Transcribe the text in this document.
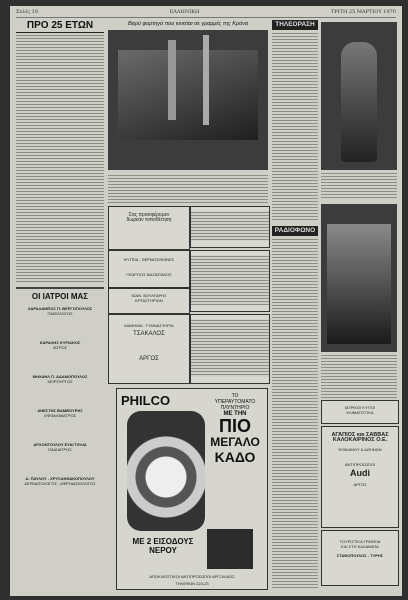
Σελίς 10	ΕΛΛΗΝΙΚΗ	ΤΡΙΤΗ 25 ΜΑΡΤΙΟΥ 1970
ΠΡΟ 25 ΕΤΩΝ
ΟΙ ΙΑΤΡΟΙ ΜΑΣ
ΧΑΡΑΛΑΜΠΟΣ Π. ΒΕΡΓΟΠΟΥΛΟΣ
ΠΑΘΟΛΟΓΟΣ
ΚΑΡΑΛΗΣ ΚΥΡΙΑΚΟΣ
ΙΑΤΡΟΣ
ΜΗΧΑΗΛ Π. ΑΔΑΜΟΠΟΥΛΟΣ
ΧΕΙΡΟΥΡΓΟΣ
ΑΝΕΣΤΗΣ ΒΑΜΒΟΥΡΗΣ
ΟΦΘΑΛΜΙΑΤΡΟΣ
ΑΡΧΟΝΤΟΥΛΟΥ ΕΥΑΓΓΕΛΙΑ
ΠΑΙΔΙΑΤΡΟΣ
Α. ΠΑΥΛΟΥ - ΧΡΥΣΑΝΘΑΚΟΠΟΥΛΟΥ
ΔΕΡΜΑΤΟΛΟΓΟΣ - ΑΦΡΟΔΙΣΙΟΛΟΓΟΣ
Βαρύ φορτηγό που κινείται σε γραμμές της Κρόνα
Σας προσφέρομεν
δωρεάν τοποθέτηση
ΨΥΓΕΙΑ - ΘΕΡΜΟΣΙΦΩΝΕΣ
ΓΕΩΡΓΙΟΣ ΒΑΖΙΩΤΑΚΟΣ
ΙΩΑΝ. ΒΟΥΛΓΑΡΗΣ
ΕΡΓΑΣΤΗΡΙΟΝ
ΜΑΘΗΜΑ - ΓΥΜΝΑΣΤΗΡΙΑ
ΤΣΑΚΑΛΟΣ
ΑΡΓΟΣ
PHILCO	ΤΟ
ΥΠΕΡΑΥΤΟΜΑΤΟ
ΠΛΥΝΤΗΡΙΟ
ΜΕ ΤΗΝ
ΠΙΟ
ΜΕΓΑΛΟ
ΚΑΔΟ
ΜΕ 2 ΕΙΣΟΔΟΥΣ ΝΕΡΟΥ
ΑΠΟΚΛΕΙΣΤΙΚΟΙ ΑΝΤΙΠΡΟΣΩΠΟΙ ΑΡΓΟΛΙΔΟΣ
ΤΗΛΕΦΩΝ 223-23
ΤΗΛΕΟΡΑΣΗ
ΡΑΔΙΟΦΩΝΟ
ΙΑΤΡΙΚΟΙ ΚΥΤΙΟΙ
ΚΛΙΜΑΤΙΣΤΙΚΑ
ΑΓΑΠΙΟΣ και ΣΑΒΒΑΣ
ΚΑΛΟΚΑΙΡΙΝΟΣ Ο.Ε.
ΦΟΚΙΑΝΟΥ & ΑΘΗΝΩΝ
ΑΝΤΙΠΡΟΣΩΠΟΙ
Audi
ΑΡΓΟΣ
ΤΟΥΡΙΣΤΙΚΑ ΓΡΑΦΕΙΑ
ΚΑΙ ΣΤΗ ΚΑΛΑΜΑΤΑ
ΣΤΑΘΟΠΟΥΛΟΣ - ΤΥΡΗΣ
